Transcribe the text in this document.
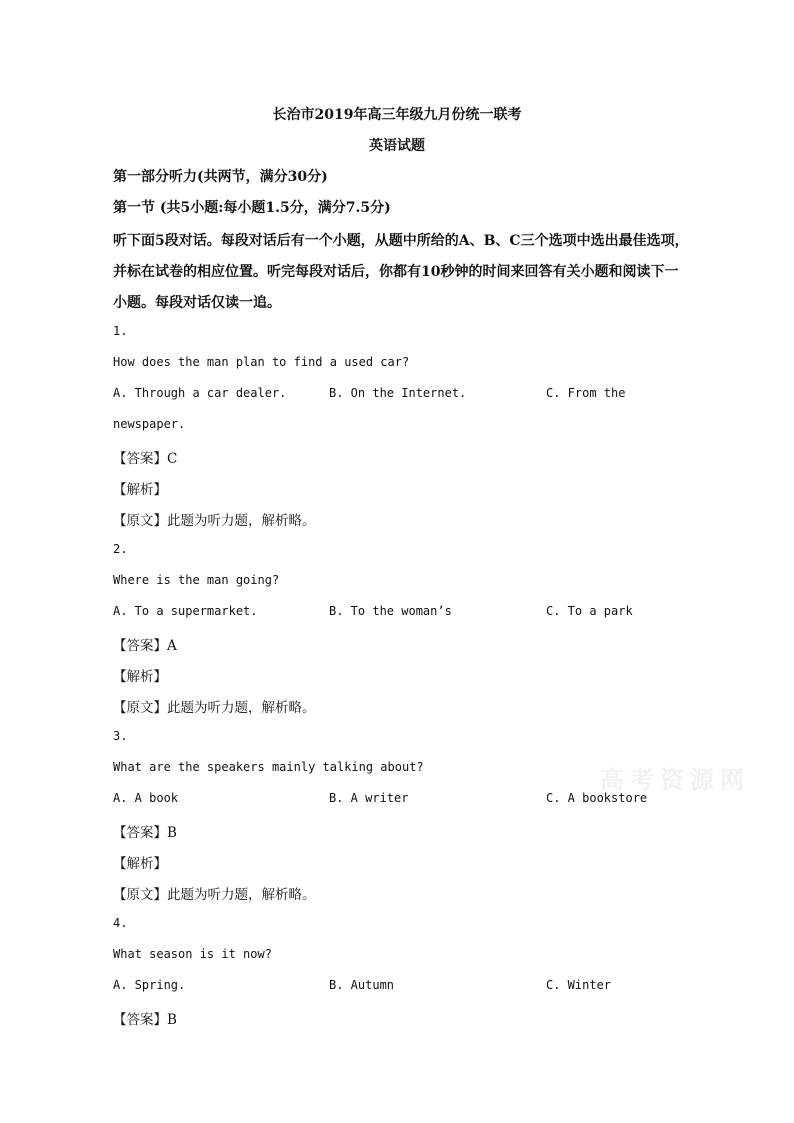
高考资源网
长治市2019年高三年级九月份统一联考
英语试题
第一部分听力(共两节，满分30分)
第一节 (共5小题:每小题1.5分，满分7.5分)
听下面5段对话。每段对话后有一个小题，从题中所给的A、B、C三个选项中选出最佳选项，
并标在试卷的相应位置。听完每段对话后，你都有10秒钟的时间来回答有关小题和阅读下一
小题。每段对话仅读一追。
1.
How does the man plan to find a used car?
A. Through a car dealer.	B. On the Internet.	C. From the
newspaper.
【答案】C
【解析】
【原文】此题为听力题，解析略。
2.
Where is the man going?
A. To a supermarket.	B. To the woman’s	C. To a park
【答案】A
【解析】
【原文】此题为听力题，解析略。
3.
What are the speakers mainly talking about?
A. A book	B. A writer	C. A bookstore
【答案】B
【解析】
【原文】此题为听力题，解析略。
4.
What season is it now?
A. Spring.	B. Autumn	C. Winter
【答案】B
